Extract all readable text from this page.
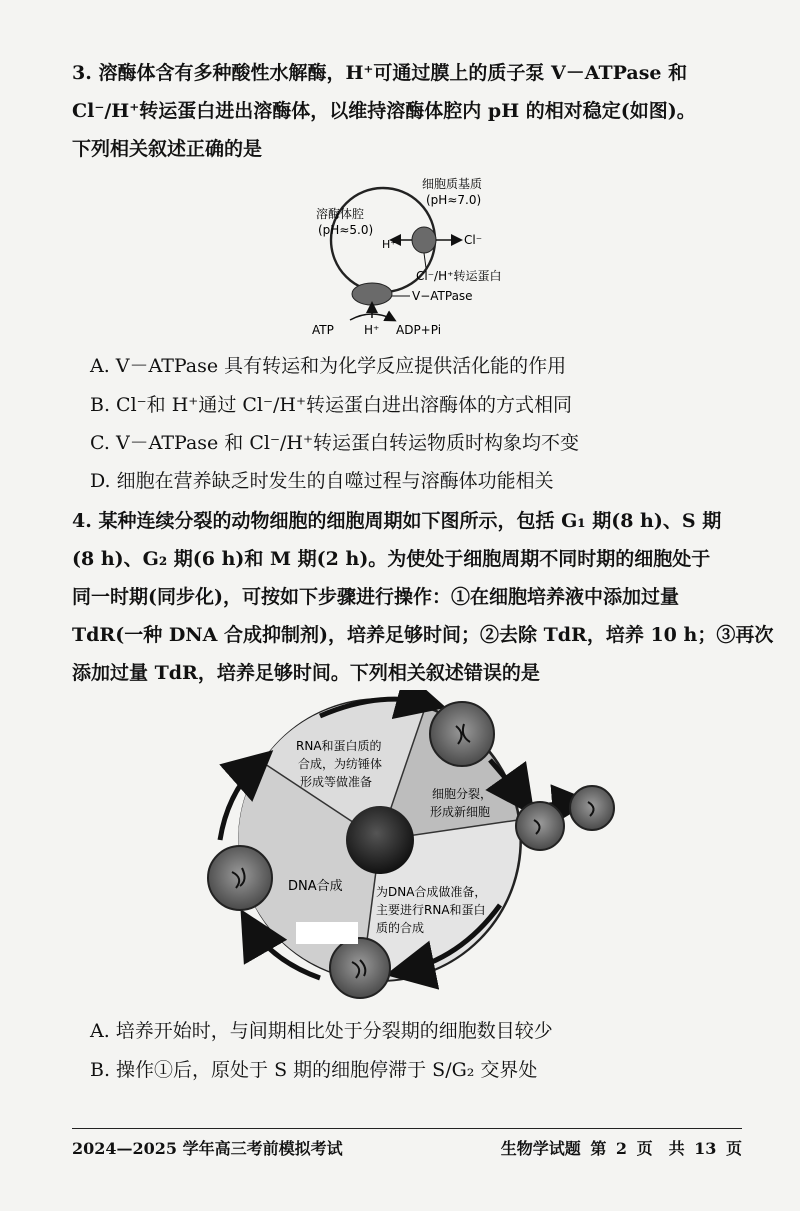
3. 溶酶体含有多种酸性水解酶，H⁺可通过膜上的质子泵 V－ATPase 和
Cl⁻/H⁺转运蛋白进出溶酶体，以维持溶酶体腔内 pH 的相对稳定(如图)。
下列相关叙述正确的是
细胞质基质
(pH≈7.0)
溶酶体腔
(pH≈5.0)
H⁺	Cl⁻
Cl⁻/H⁺转运蛋白
V−ATPase
ATP	H⁺ ADP+Pi
A. V－ATPase 具有转运和为化学反应提供活化能的作用
B. Cl⁻和 H⁺通过 Cl⁻/H⁺转运蛋白进出溶酶体的方式相同
C. V－ATPase 和 Cl⁻/H⁺转运蛋白转运物质时构象均不变
D. 细胞在营养缺乏时发生的自噬过程与溶酶体功能相关
4. 某种连续分裂的动物细胞的细胞周期如下图所示，包括 G₁ 期(8 h)、S 期
(8 h)、G₂ 期(6 h)和 M 期(2 h)。为使处于细胞周期不同时期的细胞处于
同一时期(同步化)，可按如下步骤进行操作：①在细胞培养液中添加过量
TdR(一种 DNA 合成抑制剂)，培养足够时间；②去除 TdR，培养 10 h；③再次
添加过量 TdR，培养足够时间。下列相关叙述错误的是
RNA和蛋白质的
合成，为纺锤体
形成等做准备
细胞分裂，
形成新细胞
DNA合成	为DNA合成做准备，
主要进行RNA和蛋白
质的合成
A. 培养开始时，与间期相比处于分裂期的细胞数目较少
B. 操作①后，原处于 S 期的细胞停滞于 S/G₂ 交界处
2024—2025 学年高三考前模拟考试	生物学试题 第 2 页　共 13 页
